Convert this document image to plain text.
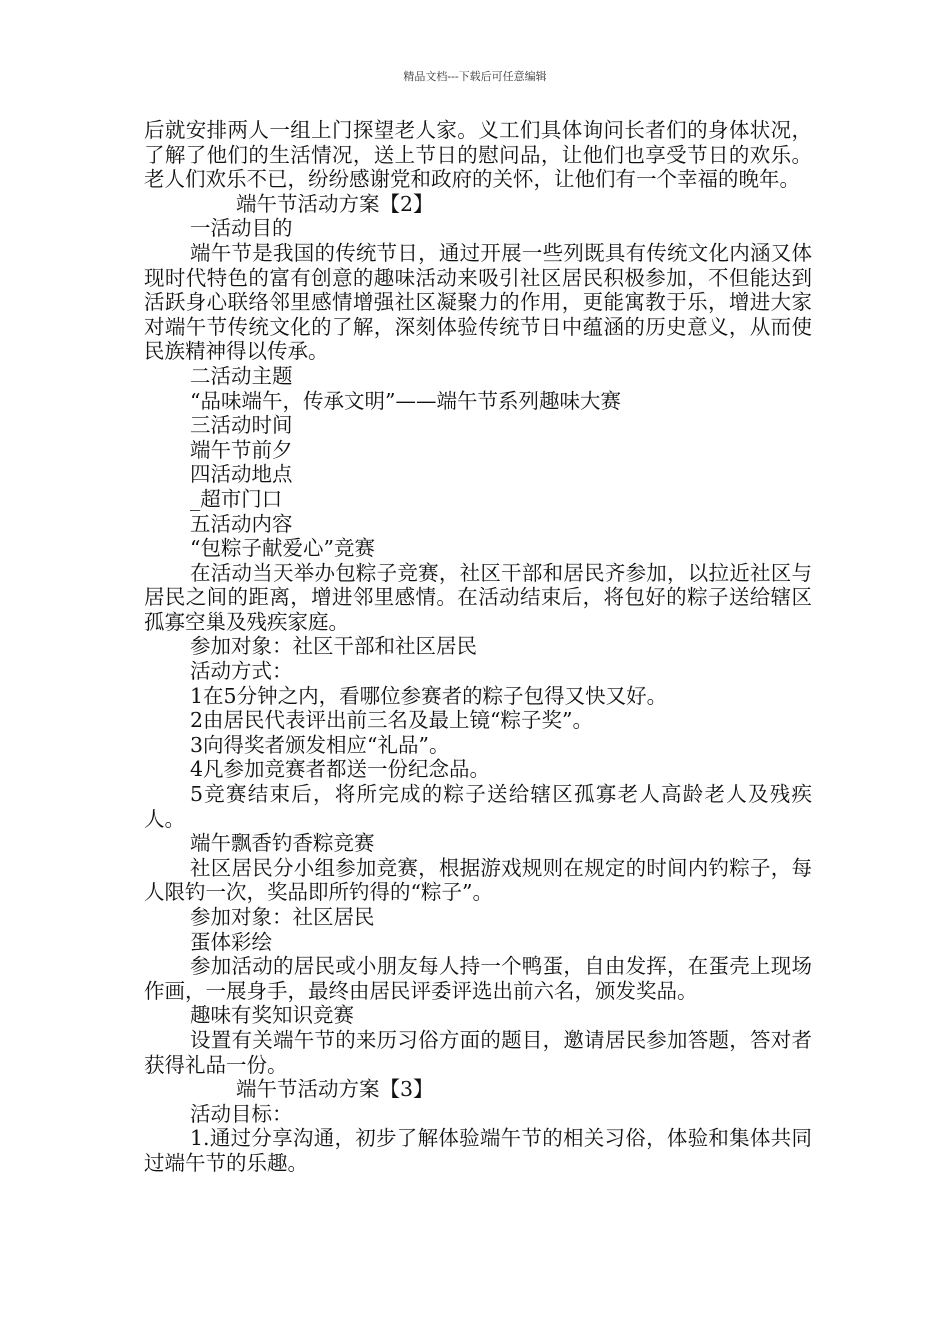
精品文档---下载后可任意编辑
后就安排两人一组上门探望老人家。义工们具体询问长者们的身体状况，了解了他们的生活情况，送上节日的慰问品，让他们也享受节日的欢乐。老人们欢乐不已，纷纷感谢党和政府的关怀，让他们有一个幸福的晚年。
端午节活动方案【2】
一活动目的
端午节是我国的传统节日，通过开展一些列既具有传统文化内涵又体现时代特色的富有创意的趣味活动来吸引社区居民积极参加，不但能达到活跃身心联络邻里感情增强社区凝聚力的作用，更能寓教于乐，增进大家对端午节传统文化的了解，深刻体验传统节日中蕴涵的历史意义，从而使民族精神得以传承。
二活动主题
“品味端午，传承文明”——端午节系列趣味大赛
三活动时间
端午节前夕
四活动地点
_超市门口
五活动内容
“包粽子献爱心”竞赛
在活动当天举办包粽子竞赛，社区干部和居民齐参加，以拉近社区与居民之间的距离，增进邻里感情。在活动结束后，将包好的粽子送给辖区孤寡空巢及残疾家庭。
参加对象：社区干部和社区居民
活动方式：
1在5分钟之内，看哪位参赛者的粽子包得又快又好。
2由居民代表评出前三名及最上镜“粽子奖”。
3向得奖者颁发相应“礼品”。
4凡参加竞赛者都送一份纪念品。
5竞赛结束后，将所完成的粽子送给辖区孤寡老人高龄老人及残疾人。
端午飘香钓香粽竞赛
社区居民分小组参加竞赛，根据游戏规则在规定的时间内钓粽子，每人限钓一次，奖品即所钓得的“粽子”。
参加对象：社区居民
蛋体彩绘
参加活动的居民或小朋友每人持一个鸭蛋，自由发挥，在蛋壳上现场作画，一展身手，最终由居民评委评选出前六名，颁发奖品。
趣味有奖知识竞赛
设置有关端午节的来历习俗方面的题目，邀请居民参加答题，答对者获得礼品一份。
端午节活动方案【3】
活动目标：
1.通过分享沟通，初步了解体验端午节的相关习俗，体验和集体共同过端午节的乐趣。
